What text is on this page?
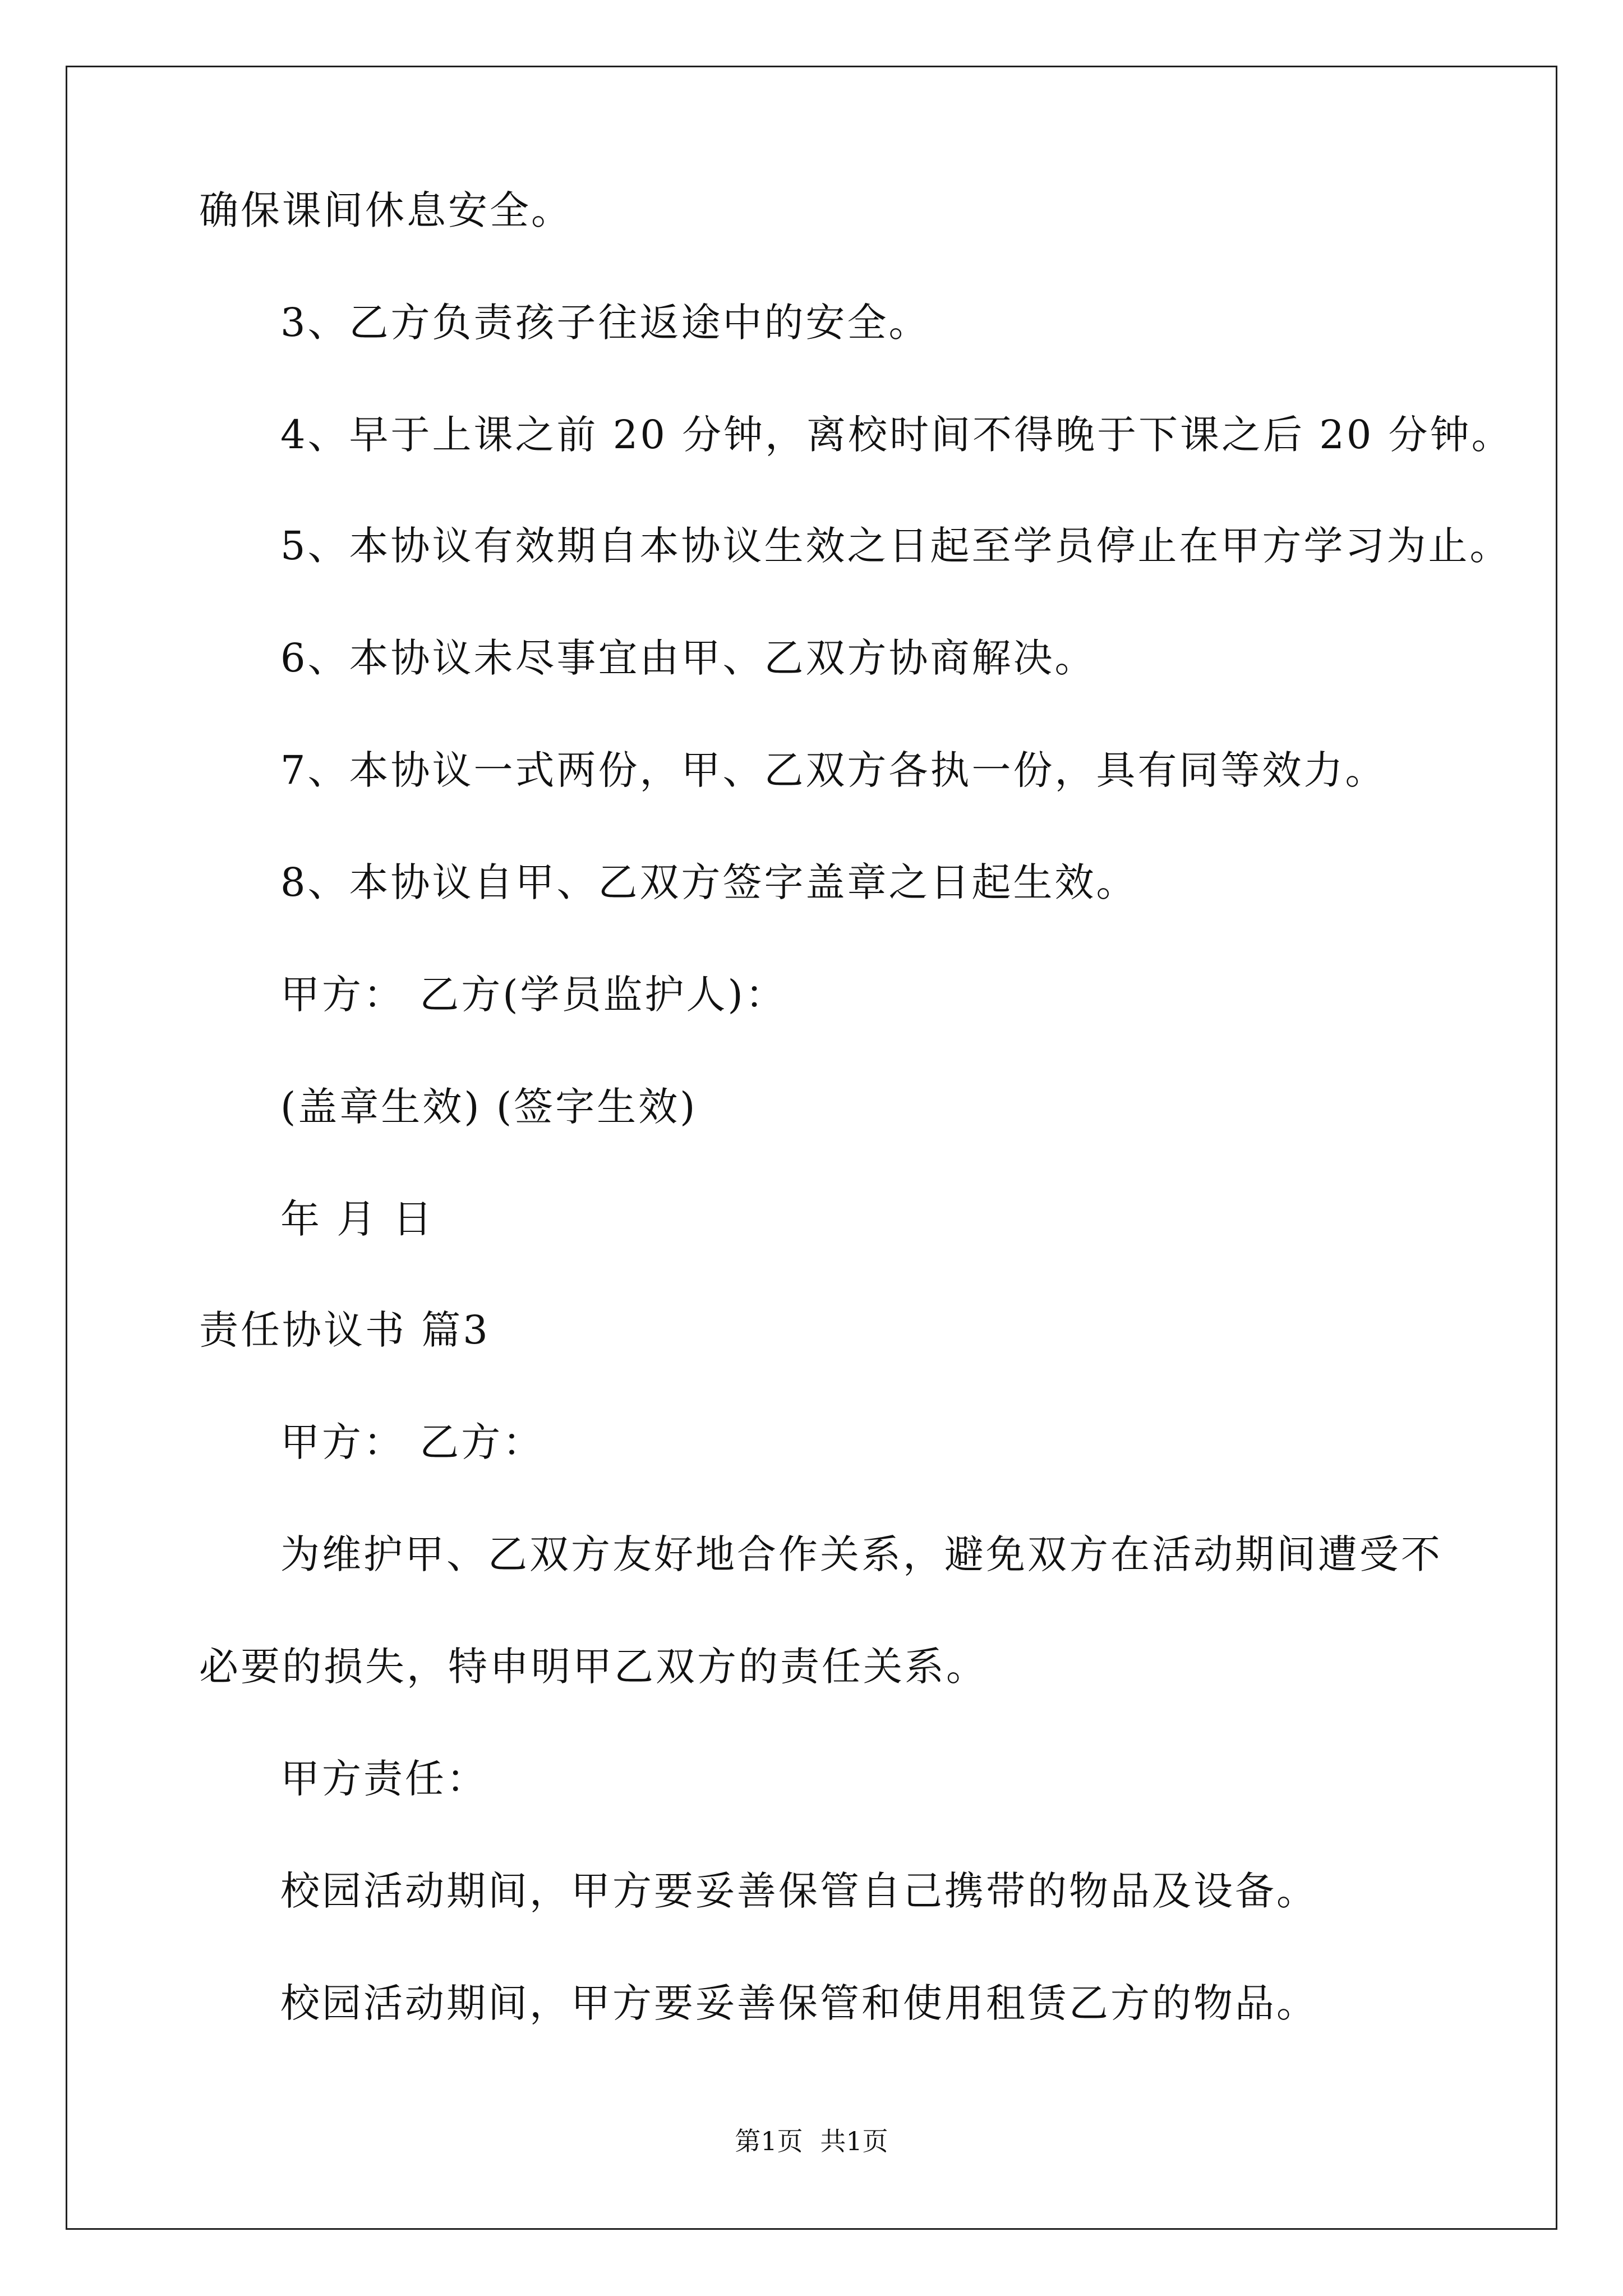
确保课间休息安全。
3、乙方负责孩子往返途中的安全。
4、早于上课之前 20 分钟，离校时间不得晚于下课之后 20 分钟。
5、本协议有效期自本协议生效之日起至学员停止在甲方学习为止。
6、本协议未尽事宜由甲、乙双方协商解决。
7、本协议一式两份，甲、乙双方各执一份，具有同等效力。
8、本协议自甲、乙双方签字盖章之日起生效。
甲方： 乙方(学员监护人)：
(盖章生效) (签字生效)
年 月 日
责任协议书 篇3
甲方： 乙方：
为维护甲、乙双方友好地合作关系，避免双方在活动期间遭受不
必要的损失，特申明甲乙双方的责任关系。
甲方责任：
校园活动期间，甲方要妥善保管自己携带的物品及设备。
校园活动期间，甲方要妥善保管和使用租赁乙方的物品。
第1页 共1页
